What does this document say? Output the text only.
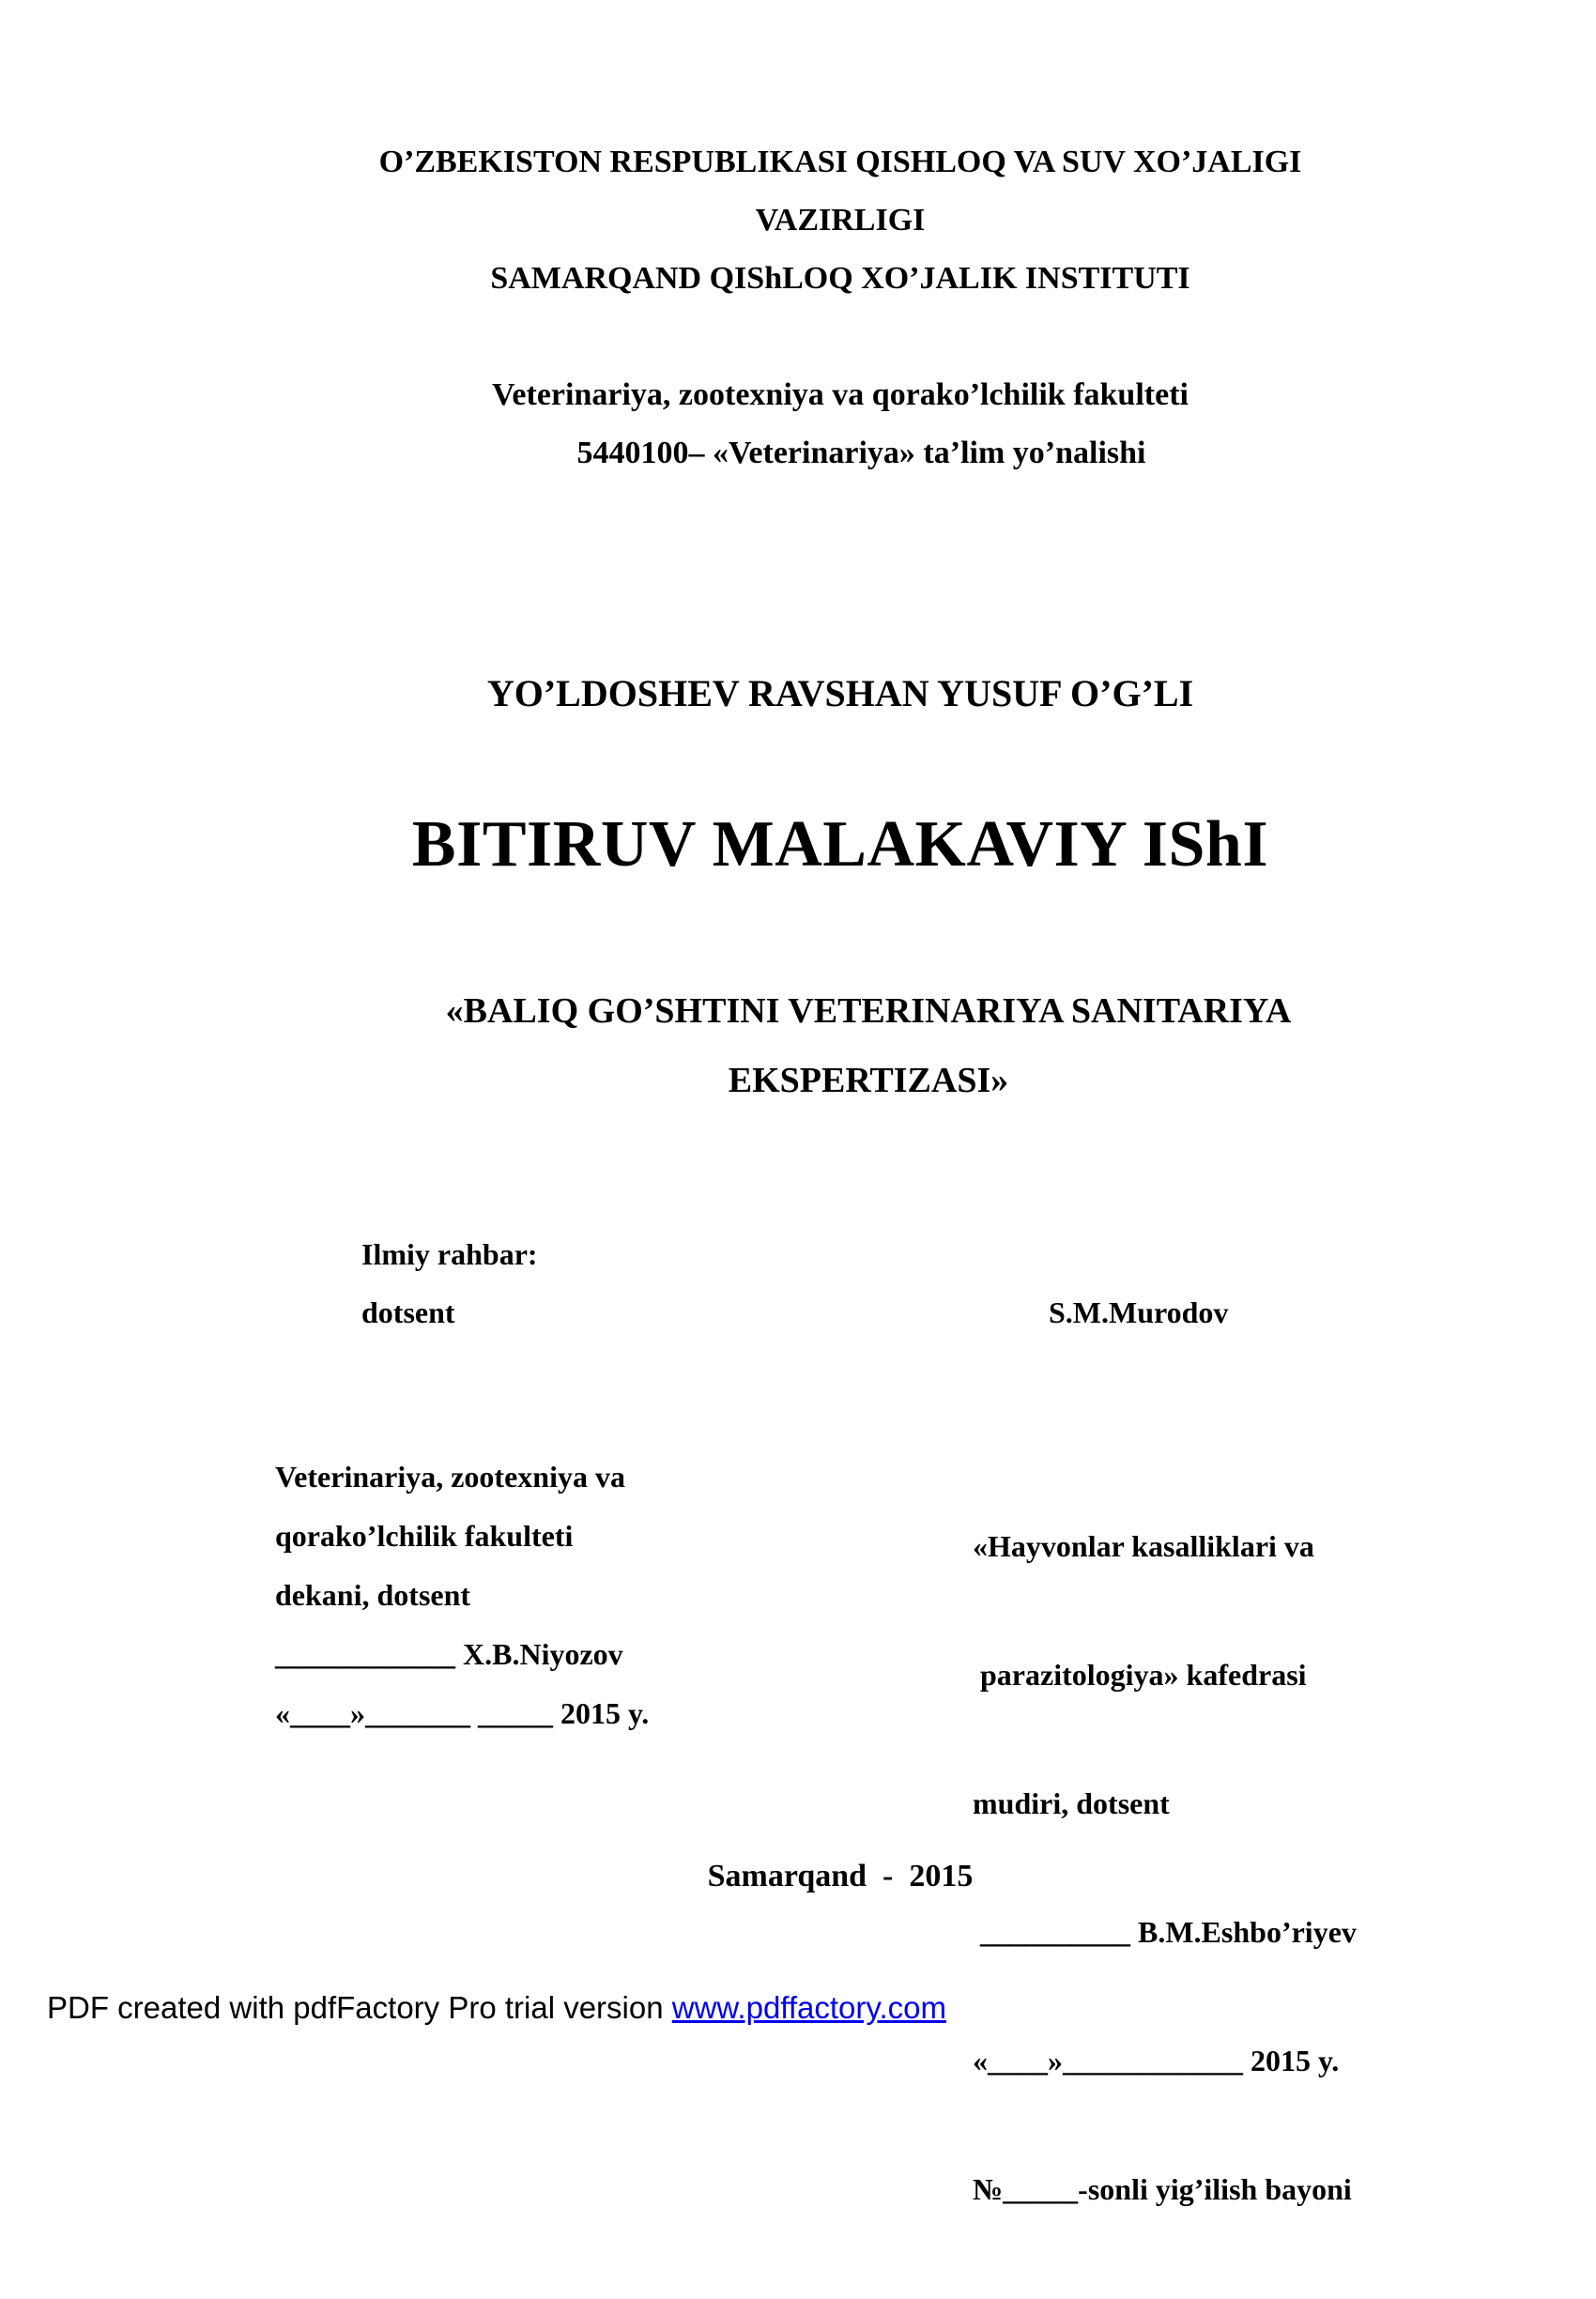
O’ZBEKISTON RESPUBLIKASI QISHLOQ VA SUV XO’JALIGI
VAZIRLIGI
SAMARQAND QIShLOQ XO’JALIK INSTITUTI
Veterinariya, zootexniya va qorako’lchilik fakulteti
5440100– «Veterinariya» ta’lim yo’nalishi
YO’LDOSHEV RAVSHAN YUSUF O’G’LI
BITIRUV MALAKAVIY IShI
«BALIQ GO’SHTINI VETERINARIYA SANITARIYA
EKSPERTIZASI»
Ilmiy rahbar:
dotsent	S.M.Murodov
Veterinariya, zootexniya va
qorako’lchilik fakulteti
dekani, dotsent
____________ X.B.Niyozov
«____»_______ _____ 2015 y.

«Hayvonlar kasalliklari va

parazitologiya» kafedrasi

mudiri, dotsent

__________ B.M.Eshbo’riyev

«____»____________ 2015 y.

№_____-sonli yig’ilish bayoni

Samarqand  -  2015
PDF created with pdfFactory Pro trial version www.pdffactory.com
